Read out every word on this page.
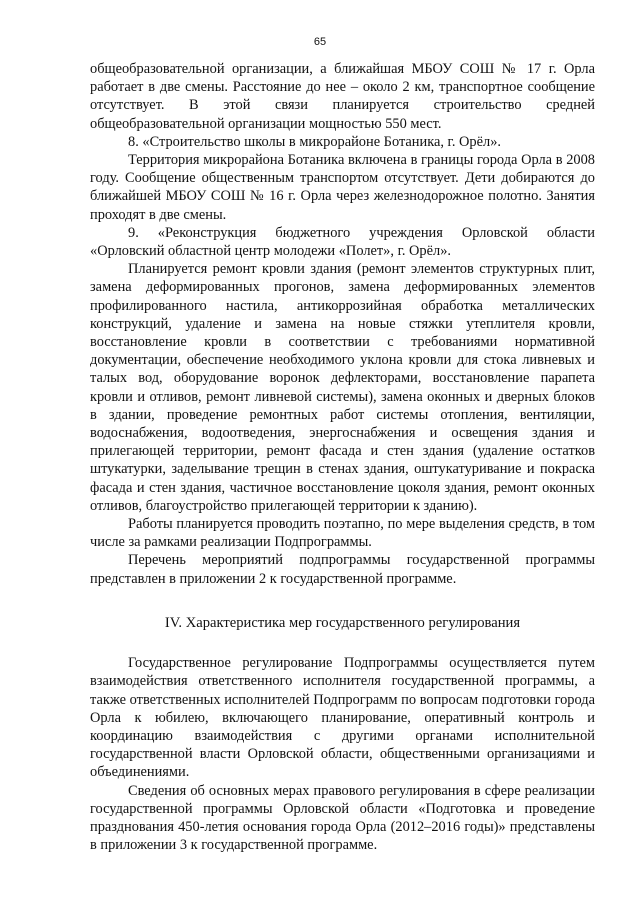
65

общеобразовательной организации, а ближайшая МБОУ СОШ № 17 г. Орла работает в две смены. Расстояние до нее – около 2 км, транспортное сообщение отсутствует. В этой связи планируется строительство средней общеобразовательной организации мощностью 550 мест.

8. «Строительство школы в микрорайоне Ботаника, г. Орёл».

Территория микрорайона Ботаника включена в границы города Орла в 2008 году. Сообщение общественным транспортом отсутствует. Дети добираются до ближайшей МБОУ СОШ № 16 г. Орла через железнодорожное полотно. Занятия проходят в две смены.

9. «Реконструкция бюджетного учреждения Орловской области «Орловский областной центр молодежи «Полет», г. Орёл».

Планируется ремонт кровли здания (ремонт элементов структурных плит, замена деформированных прогонов, замена деформированных элементов профилированного настила, антикоррозийная обработка металлических конструкций, удаление и замена на новые стяжки утеплителя кровли, восстановление кровли в соответствии с требованиями нормативной документации, обеспечение необходимого уклона кровли для стока ливневых и талых вод, оборудование воронок дефлекторами, восстановление парапета кровли и отливов, ремонт ливневой системы), замена оконных и дверных блоков в здании, проведение ремонтных работ системы отопления, вентиляции, водоснабжения, водоотведения, энергоснабжения и освещения здания и прилегающей территории, ремонт фасада и стен здания (удаление остатков штукатурки, заделывание трещин в стенах здания, оштукатуривание и покраска фасада и стен здания, частичное восстановление цоколя здания, ремонт оконных отливов, благоустройство прилегающей территории к зданию).

Работы планируется проводить поэтапно, по мере выделения средств, в том числе за рамками реализации Подпрограммы.

Перечень мероприятий подпрограммы государственной программы представлен в приложении 2 к государственной программе.

IV. Характеристика мер государственного регулирования

Государственное регулирование Подпрограммы осуществляется путем взаимодействия ответственного исполнителя государственной программы, а также ответственных исполнителей Подпрограмм по вопросам подготовки города Орла к юбилею, включающего планирование, оперативный контроль и координацию взаимодействия с другими органами исполнительной государственной власти Орловской области, общественными организациями и объединениями.

Сведения об основных мерах правового регулирования в сфере реализации государственной программы Орловской области «Подготовка и проведение празднования 450-летия основания города Орла (2012–2016 годы)» представлены в приложении 3 к государственной программе.
